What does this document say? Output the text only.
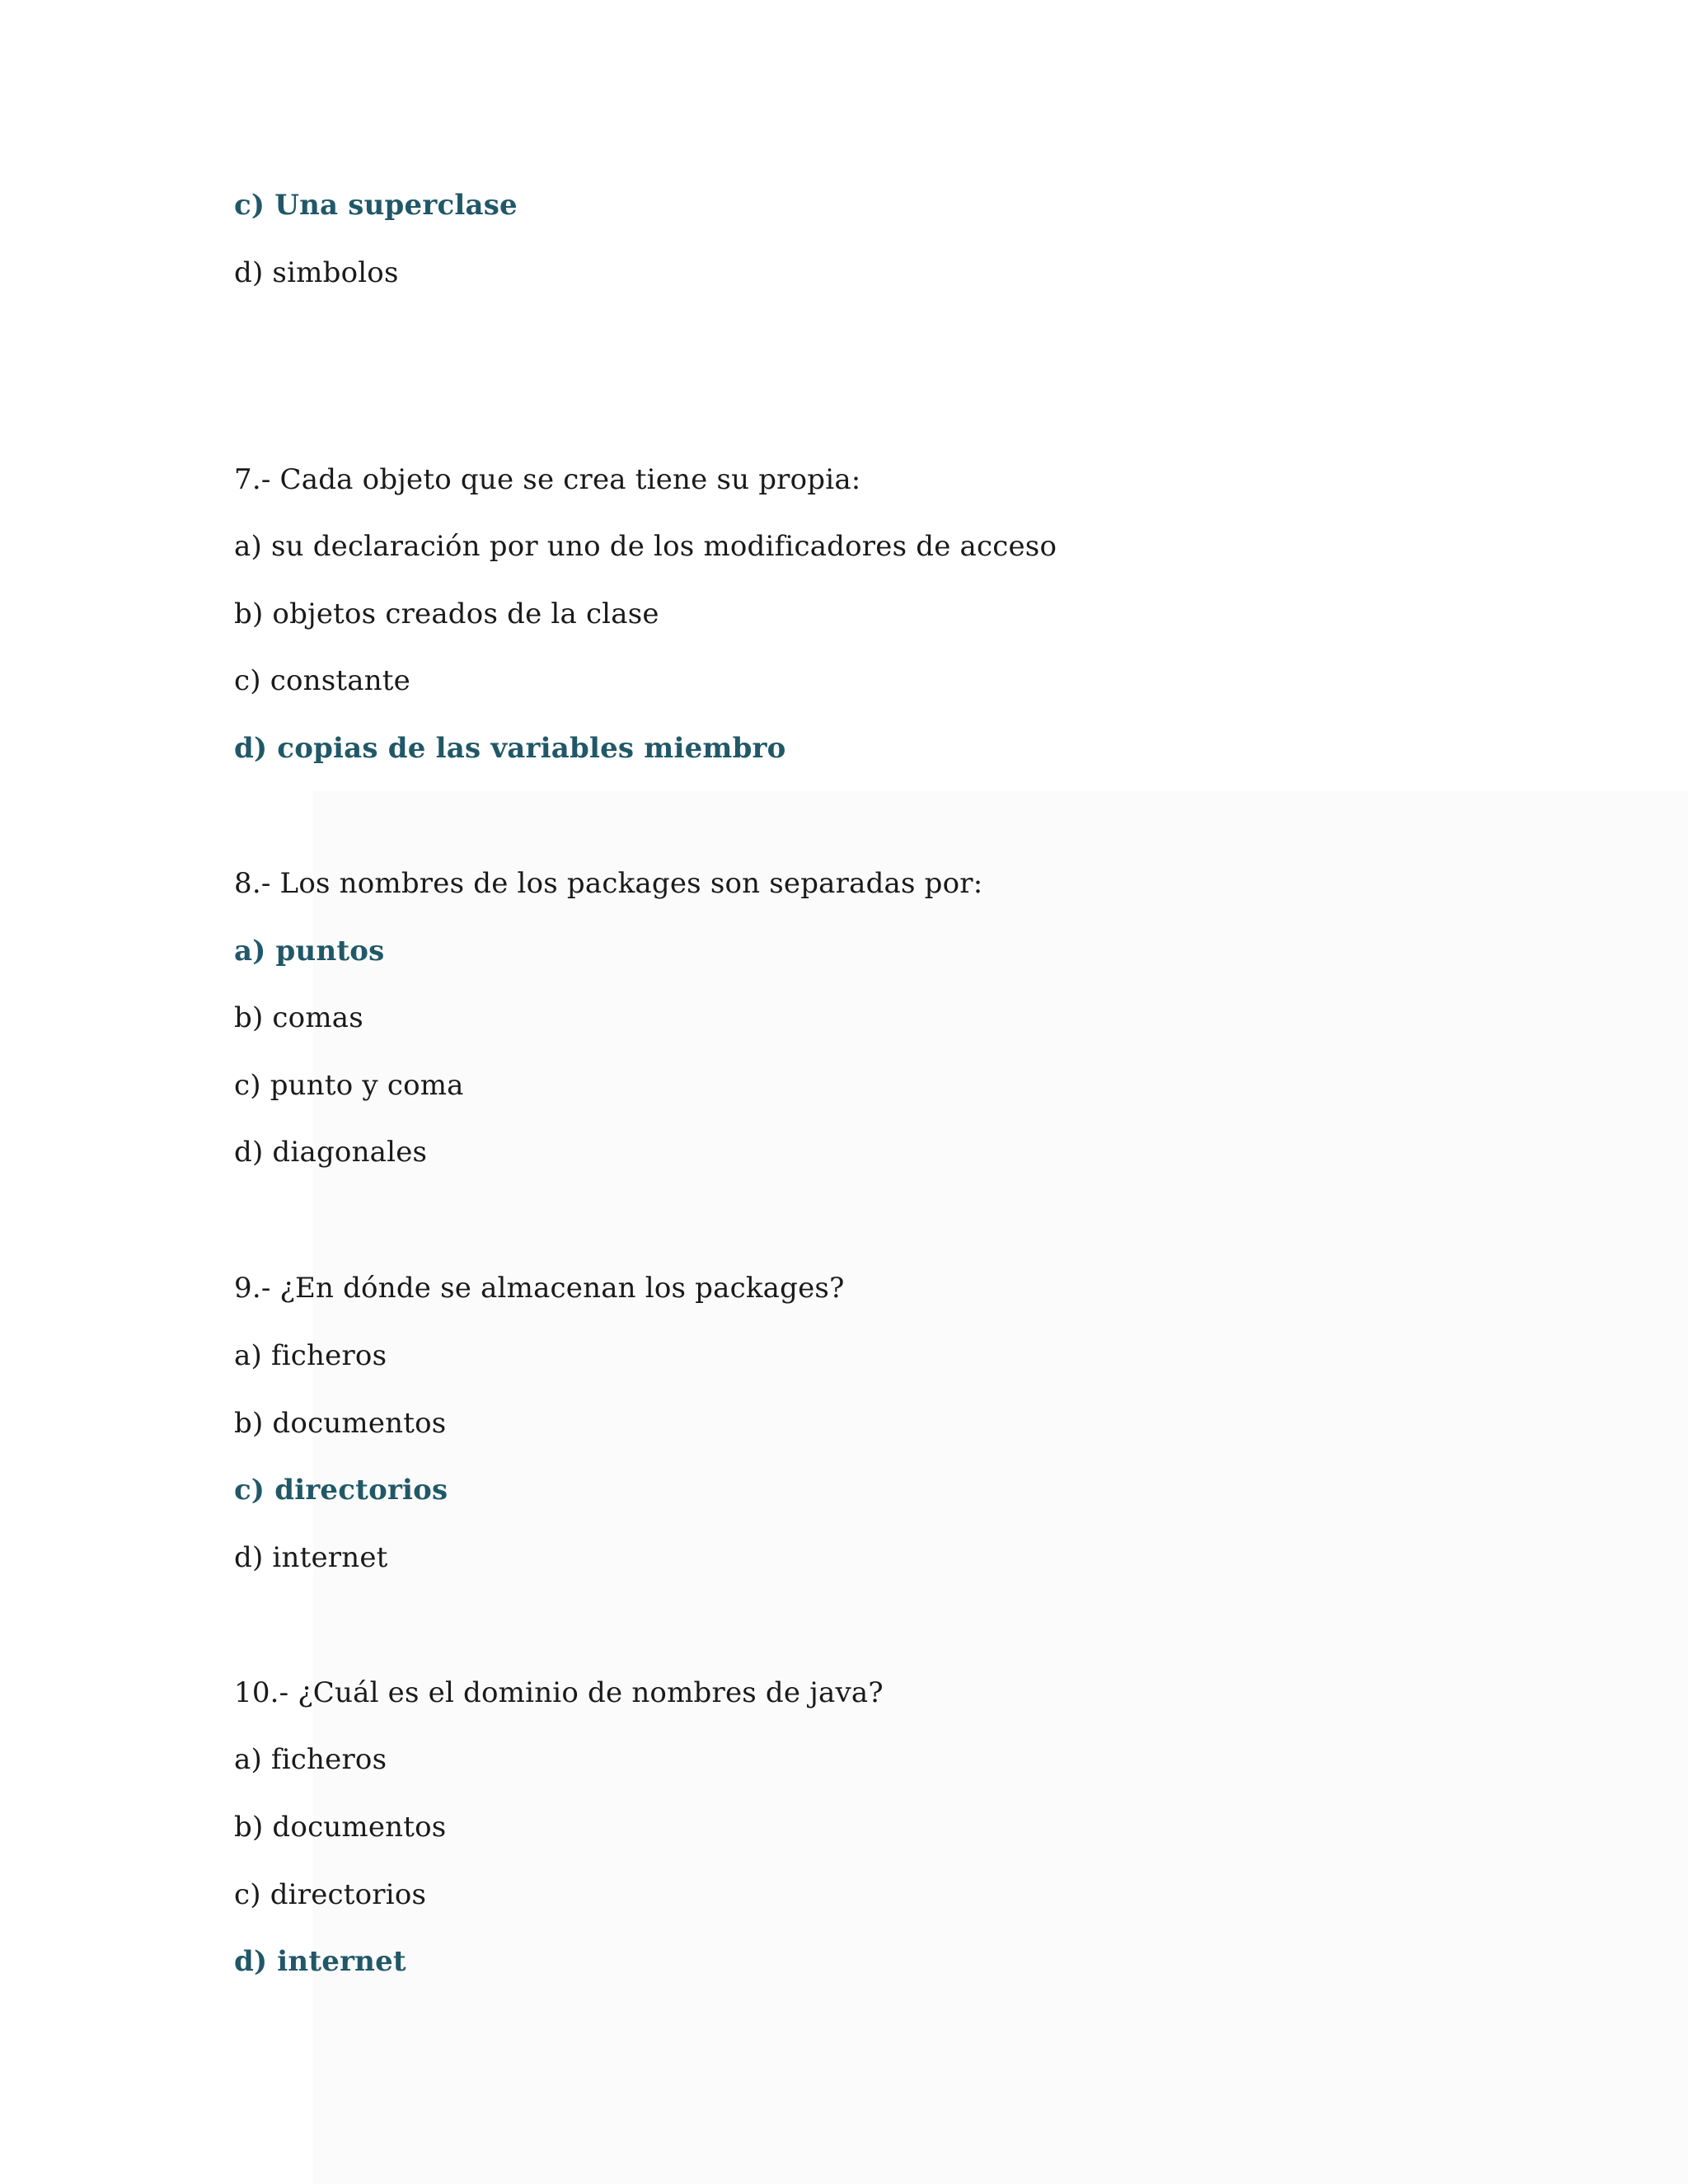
c) Una superclase

d) simbolos

7.- Cada objeto que se crea tiene su propia:

a) su declaración por uno de los modificadores de acceso

b) objetos creados de la clase

c) constante

d) copias de las variables miembro

8.- Los nombres de los packages son separadas por:

a) puntos

b) comas

c) punto y coma

d) diagonales

9.- ¿En dónde se almacenan los packages?

a) ficheros

b) documentos

c) directorios

d) internet

10.- ¿Cuál es el dominio de nombres de java?

a) ficheros

b) documentos

c) directorios

d) internet
